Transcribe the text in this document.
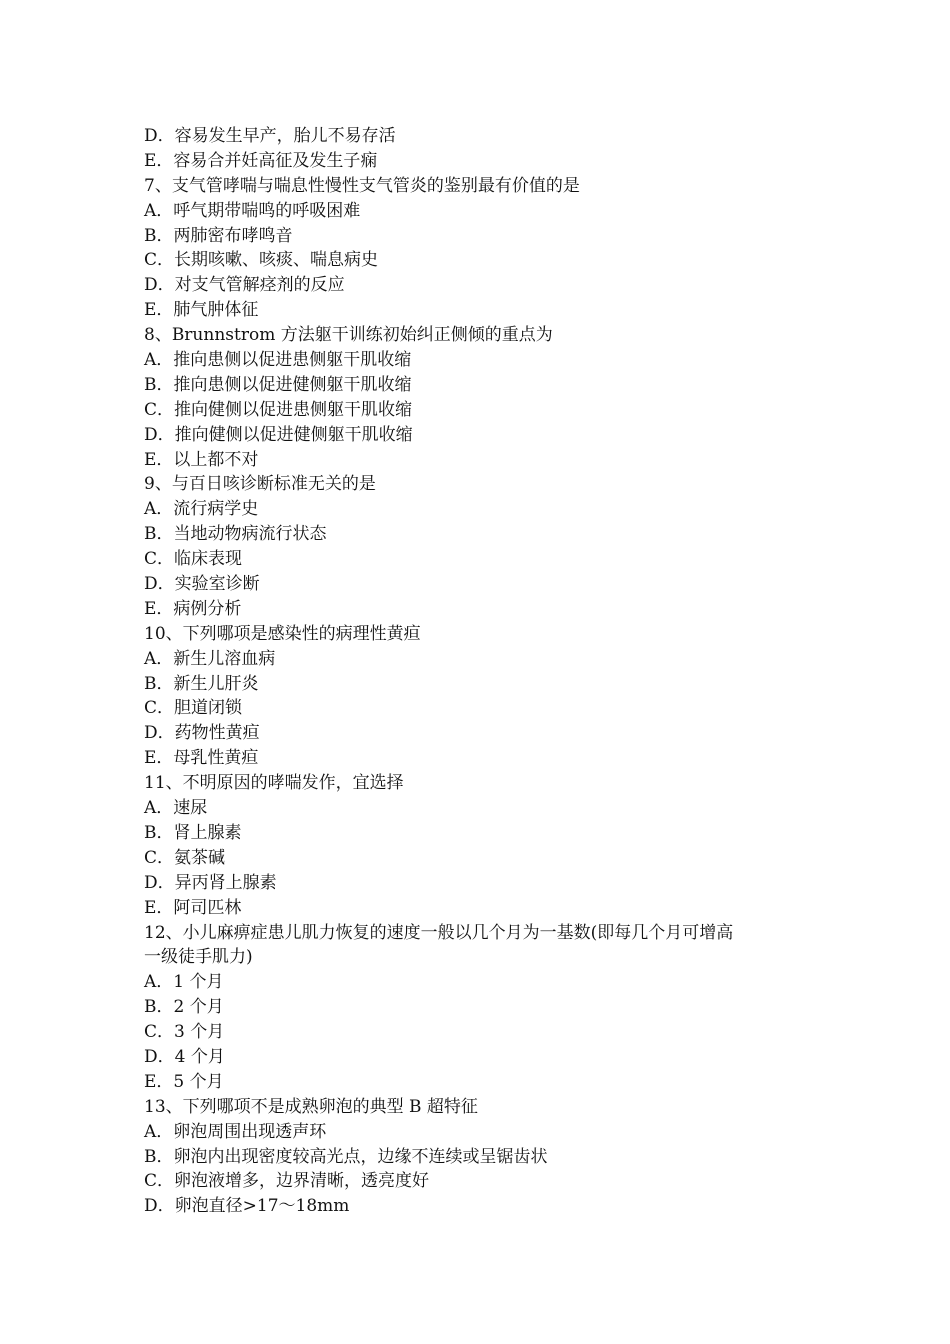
D．容易发生早产，胎儿不易存活
E．容易合并妊高征及发生子痫
7、支气管哮喘与喘息性慢性支气管炎的鉴别最有价值的是
A．呼气期带喘鸣的呼吸困难
B．两肺密布哮鸣音
C．长期咳嗽、咳痰、喘息病史
D．对支气管解痉剂的反应
E．肺气肿体征
8、Brunnstrom 方法躯干训练初始纠正侧倾的重点为
A．推向患侧以促进患侧躯干肌收缩
B．推向患侧以促进健侧躯干肌收缩
C．推向健侧以促进患侧躯干肌收缩
D．推向健侧以促进健侧躯干肌收缩
E．以上都不对
9、与百日咳诊断标准无关的是
A．流行病学史
B．当地动物病流行状态
C．临床表现
D．实验室诊断
E．病例分析
10、下列哪项是感染性的病理性黄疸
A．新生儿溶血病
B．新生儿肝炎
C．胆道闭锁
D．药物性黄疸
E．母乳性黄疸
11、不明原因的哮喘发作，宜选择
A．速尿
B．肾上腺素
C．氨茶碱
D．异丙肾上腺素
E．阿司匹林
12、小儿麻痹症患儿肌力恢复的速度一般以几个月为一基数(即每几个月可增高
一级徒手肌力)
A．1 个月
B．2 个月
C．3 个月
D．4 个月
E．5 个月
13、下列哪项不是成熟卵泡的典型 B 超特征
A．卵泡周围出现透声环
B．卵泡内出现密度较高光点，边缘不连续或呈锯齿状
C．卵泡液增多，边界清晰，透亮度好
D．卵泡直径>17～18mm
